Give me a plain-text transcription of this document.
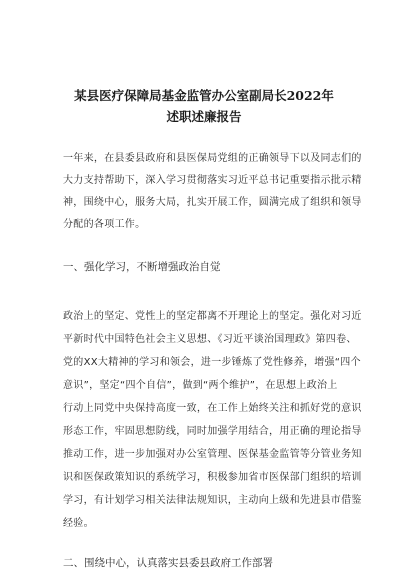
某县医疗保障局基金监管办公室副局长2022年
述职述廉报告
一年来，在县委县政府和县医保局党组的正确领导下以及同志们的
大力支持帮助下，深入学习贯彻落实习近平总书记重要指示批示精
神，围绕中心，服务大局，扎实开展工作，圆满完成了组织和领导
分配的各项工作。
一、强化学习，不断增强政治自觉
政治上的坚定、党性上的坚定都离不开理论上的坚定。强化对习近
平新时代中国特色社会主义思想、《习近平谈治国理政》第四卷、
党的XX大精神的学习和领会，进一步锤炼了党性修养，增强“四个
意识”，坚定“四个自信”，做到“两个维护”，在思想上政治上
行动上同党中央保持高度一致，在工作上始终关注和抓好党的意识
形态工作，牢固思想防线，同时加强学用结合，用正确的理论指导
推动工作，进一步加强对办公室管理、医保基金监管等分管业务知
识和医保政策知识的系统学习，积极参加省市医保部门组织的培训
学习，有计划学习相关法律法规知识，主动向上级和先进县市借鉴
经验。
二、围绕中心，认真落实县委县政府工作部署
